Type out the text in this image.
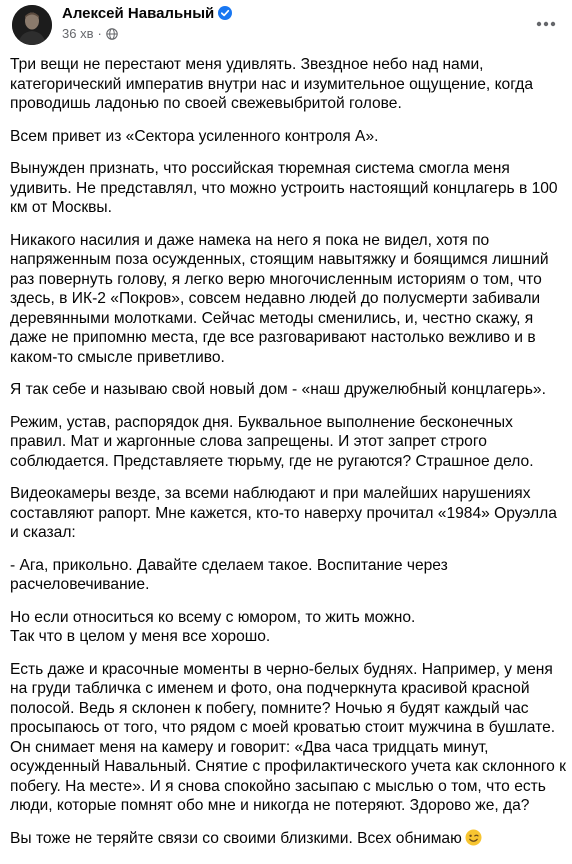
Алексей Навальный
36 хв ·

Три вещи не перестают меня удивлять. Звездное небо над нами, категорический императив внутри нас и изумительное ощущение, когда проводишь ладонью по своей свежевыбритой голове.

Всем привет из «Сектора усиленного контроля А».

Вынужден признать, что российская тюремная система смогла меня удивить. Не представлял, что можно устроить настоящий концлагерь в 100 км от Москвы.

Никакого насилия и даже намека на него я пока не видел, хотя по напряженным поза осужденных, стоящим навытяжку и боящимся лишний раз повернуть голову, я легко верю многочисленным историям о том, что здесь, в ИК-2 «Покров», совсем недавно людей до полусмерти забивали деревянными молотками. Сейчас методы сменились, и, честно скажу, я даже не припомню места, где все разговаривают настолько вежливо и в каком-то смысле приветливо.

Я так себе и называю свой новый дом - «наш дружелюбный концлагерь».

Режим, устав, распорядок дня. Буквальное выполнение бесконечных правил. Мат и жаргонные слова запрещены. И этот запрет строго соблюдается. Представляете тюрьму, где не ругаются? Страшное дело.

Видеокамеры везде, за всеми наблюдают и при малейших нарушениях составляют рапорт. Мне кажется, кто-то наверху прочитал «1984» Оруэлла и сказал:

- Ага, прикольно. Давайте сделаем такое. Воспитание через расчеловечивание.

Но если относиться ко всему с юмором, то жить можно.
Так что в целом у меня все хорошо.

Есть даже и красочные моменты в черно-белых буднях. Например, у меня на груди табличка с именем и фото, она подчеркнута красивой красной полосой. Ведь я склонен к побегу, помните? Ночью я будят каждый час просыпаюсь от того, что рядом с моей кроватью стоит мужчина в бушлате. Он снимает меня на камеру и говорит: «Два часа тридцать минут, осужденный Навальный. Снятие с профилактического учета как склонного к побегу. На месте». И я снова спокойно засыпаю с мыслью о том, что есть люди, которые помнят обо мне и никогда не потеряют. Здорово же, да?

Вы тоже не теряйте связи со своими близкими. Всех обнимаю
